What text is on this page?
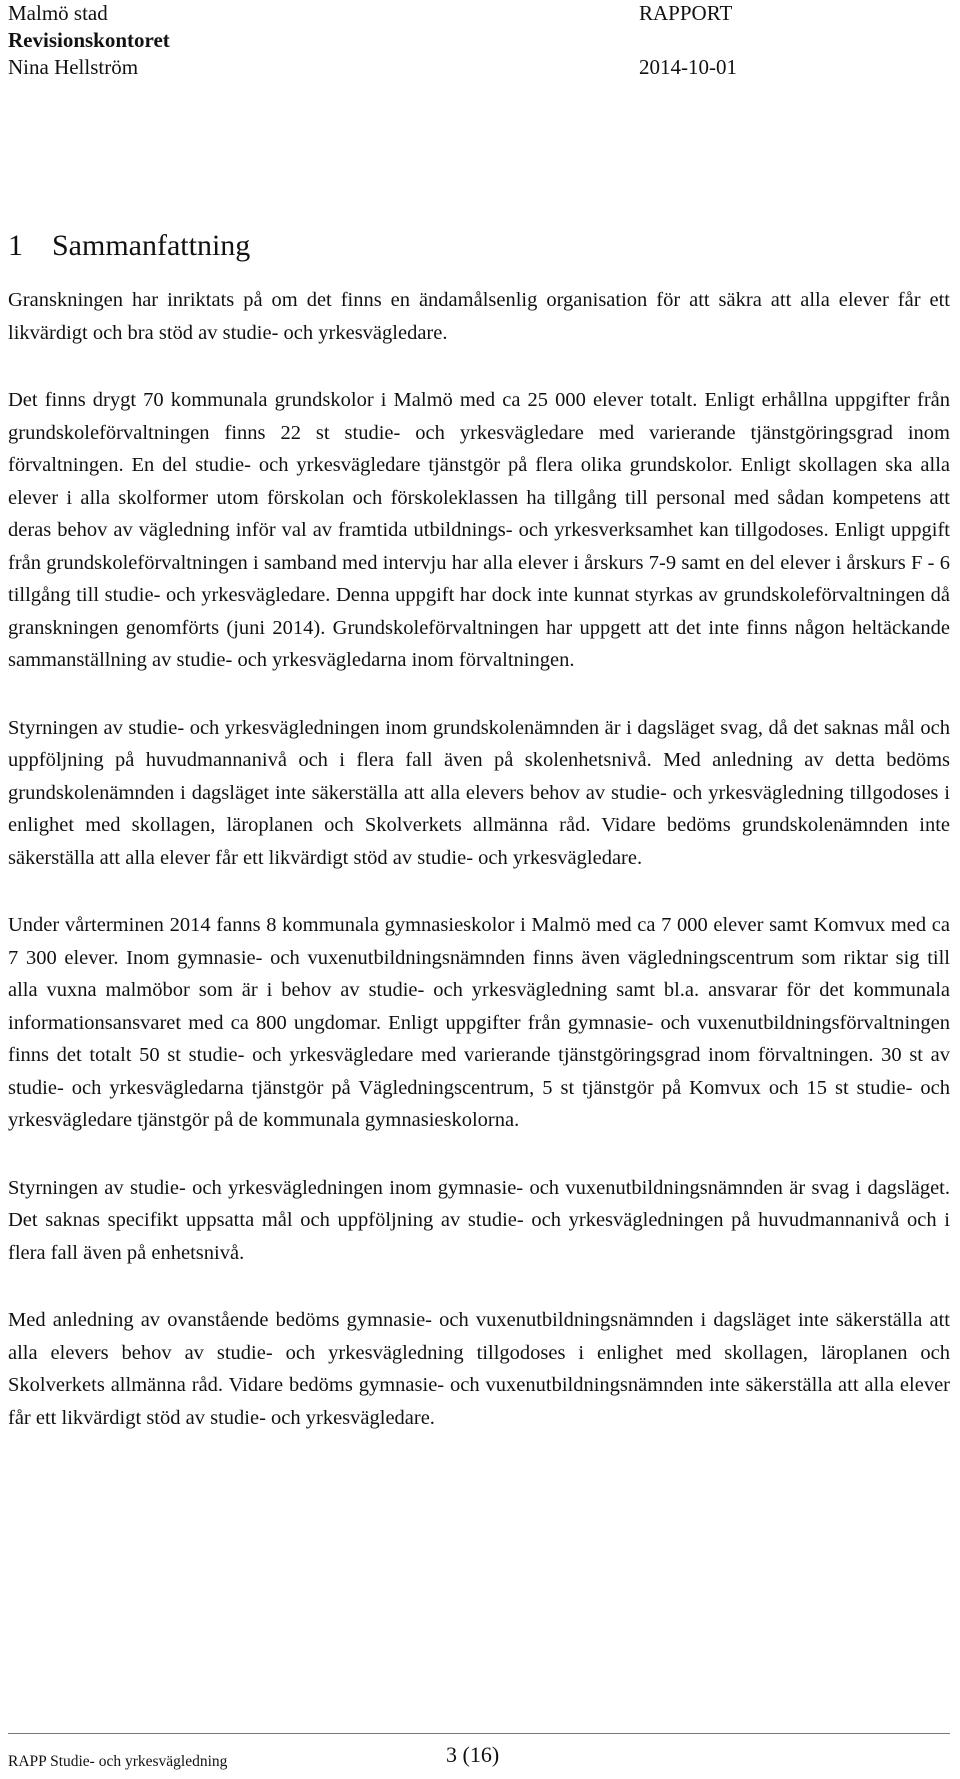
Malmö stad	RAPPORT
Revisionskontoret
Nina Hellström	2014-10-01
1 Sammanfattning

Granskningen har inriktats på om det finns en ändamålsenlig organisation för att säkra att alla elever får ett likvärdigt och bra stöd av studie- och yrkesvägledare.

Det finns drygt 70 kommunala grundskolor i Malmö med ca 25 000 elever totalt. Enligt erhållna uppgifter från grundskoleförvaltningen finns 22 st studie- och yrkesvägledare med varierande tjänstgöringsgrad inom förvaltningen. En del studie- och yrkesvägledare tjänstgör på flera olika grundskolor. Enligt skollagen ska alla elever i alla skolformer utom förskolan och förskoleklassen ha tillgång till personal med sådan kompetens att deras behov av vägledning inför val av framtida utbildnings- och yrkesverksamhet kan tillgodoses. Enligt uppgift från grundskoleförvaltningen i samband med intervju har alla elever i årskurs 7-9 samt en del elever i årskurs F - 6 tillgång till studie- och yrkesvägledare. Denna uppgift har dock inte kunnat styrkas av grundskoleförvaltningen då granskningen genomförts (juni 2014). Grundskoleförvaltningen har uppgett att det inte finns någon heltäckande sammanställning av studie- och yrkesvägledarna inom förvaltningen.

Styrningen av studie- och yrkesvägledningen inom grundskolenämnden är i dagsläget svag, då det saknas mål och uppföljning på huvudmannanivå och i flera fall även på skolenhetsnivå. Med anledning av detta bedöms grundskolenämnden i dagsläget inte säkerställa att alla elevers behov av studie- och yrkesvägledning tillgodoses i enlighet med skollagen, läroplanen och Skolverkets allmänna råd. Vidare bedöms grundskolenämnden inte säkerställa att alla elever får ett likvärdigt stöd av studie- och yrkesvägledare.

Under vårterminen 2014 fanns 8 kommunala gymnasieskolor i Malmö med ca 7 000 elever samt Komvux med ca 7 300 elever. Inom gymnasie- och vuxenutbildningsnämnden finns även vägledningscentrum som riktar sig till alla vuxna malmöbor som är i behov av studie- och yrkesvägledning samt bl.a. ansvarar för det kommunala informationsansvaret med ca 800 ungdomar. Enligt uppgifter från gymnasie- och vuxenutbildningsförvaltningen finns det totalt 50 st studie- och yrkesvägledare med varierande tjänstgöringsgrad inom förvaltningen. 30 st av studie- och yrkesvägledarna tjänstgör på Vägledningscentrum, 5 st tjänstgör på Komvux och 15 st studie- och yrkesvägledare tjänstgör på de kommunala gymnasieskolorna.

Styrningen av studie- och yrkesvägledningen inom gymnasie- och vuxenutbildningsnämnden är svag i dagsläget. Det saknas specifikt uppsatta mål och uppföljning av studie- och yrkesvägledningen på huvudmannanivå och i flera fall även på enhetsnivå.

Med anledning av ovanstående bedöms gymnasie- och vuxenutbildningsnämnden i dagsläget inte säkerställa att alla elevers behov av studie- och yrkesvägledning tillgodoses i enlighet med skollagen, läroplanen och Skolverkets allmänna råd. Vidare bedöms gymnasie- och vuxenutbildningsnämnden inte säkerställa att alla elever får ett likvärdigt stöd av studie- och yrkesvägledare.

RAPP Studie- och yrkesvägledning	3 (16)
